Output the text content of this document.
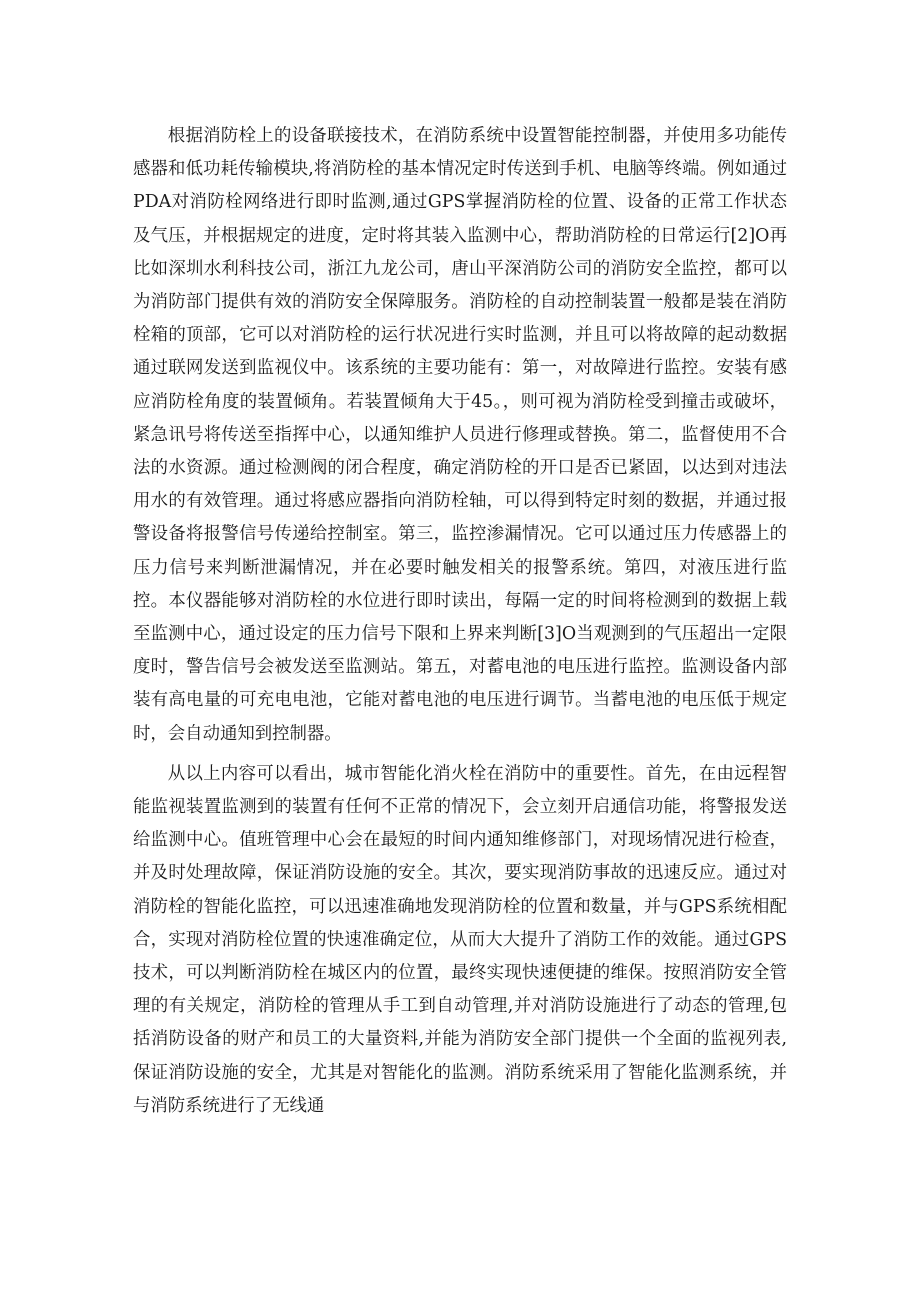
根据消防栓上的设备联接技术，在消防系统中设置智能控制器，并使用多功能传感器和低功耗传输模块,将消防栓的基本情况定时传送到手机、电脑等终端。例如通过PDA对消防栓网络进行即时监测,通过GPS掌握消防栓的位置、设备的正常工作状态及气压，并根据规定的进度，定时将其装入监测中心，帮助消防栓的日常运行[2]O再比如深圳水利科技公司，浙江九龙公司，唐山平深消防公司的消防安全监控，都可以为消防部门提供有效的消防安全保障服务。消防栓的自动控制装置一般都是装在消防栓箱的顶部，它可以对消防栓的运行状况进行实时监测，并且可以将故障的起动数据通过联网发送到监视仪中。该系统的主要功能有：第一，对故障进行监控。安装有感应消防栓角度的装置倾角。若装置倾角大于45。，则可视为消防栓受到撞击或破坏，紧急讯号将传送至指挥中心，以通知维护人员进行修理或替换。第二，监督使用不合法的水资源。通过检测阀的闭合程度，确定消防栓的开口是否已紧固，以达到对违法用水的有效管理。通过将感应器指向消防栓轴，可以得到特定时刻的数据，并通过报警设备将报警信号传递给控制室。第三，监控渗漏情况。它可以通过压力传感器上的压力信号来判断泄漏情况，并在必要时触发相关的报警系统。第四，对液压进行监控。本仪器能够对消防栓的水位进行即时读出，每隔一定的时间将检测到的数据上载至监测中心，通过设定的压力信号下限和上界来判断[3]O当观测到的气压超出一定限度时，警告信号会被发送至监测站。第五，对蓄电池的电压进行监控。监测设备内部装有高电量的可充电电池，它能对蓄电池的电压进行调节。当蓄电池的电压低于规定时，会自动通知到控制器。

从以上内容可以看出，城市智能化消火栓在消防中的重要性。首先，在由远程智能监视装置监测到的装置有任何不正常的情况下，会立刻开启通信功能，将警报发送给监测中心。值班管理中心会在最短的时间内通知维修部门，对现场情况进行检查，并及时处理故障，保证消防设施的安全。其次，要实现消防事故的迅速反应。通过对消防栓的智能化监控，可以迅速准确地发现消防栓的位置和数量，并与GPS系统相配合，实现对消防栓位置的快速准确定位，从而大大提升了消防工作的效能。通过GPS技术，可以判断消防栓在城区内的位置，最终实现快速便捷的维保。按照消防安全管理的有关规定，消防栓的管理从手工到自动管理,并对消防设施进行了动态的管理,包括消防设备的财产和员工的大量资料,并能为消防安全部门提供一个全面的监视列表,保证消防设施的安全，尤其是对智能化的监测。消防系统采用了智能化监测系统，并与消防系统进行了无线通
